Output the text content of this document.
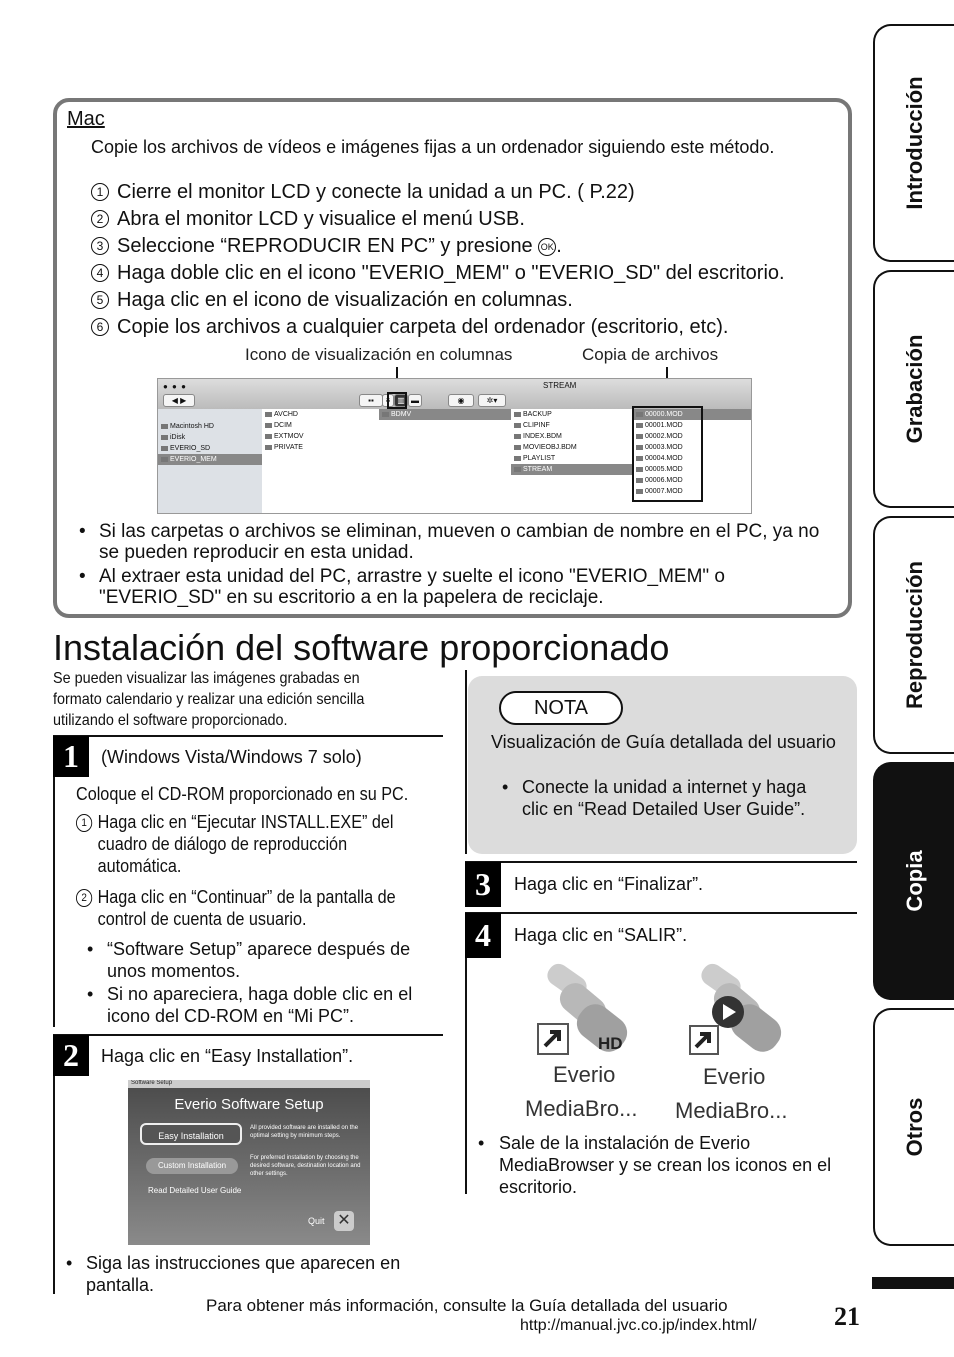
Mac
Copie los archivos de vídeos e imágenes fijas a un ordenador siguiendo este método.
1 Cierre el monitor LCD y conecte la unidad a un PC. ( P.22)
2 Abra el monitor LCD y visualice el menú USB.
3 Seleccione “REPRODUCIR EN PC” y presione OK .
4 Haga doble clic en el icono "EVERIO_MEM" o "EVERIO_SD" del escritorio.
5 Haga clic en el icono de visualización en columnas.
6 Copie los archivos a cualquier carpeta del ordenador (escritorio, etc).
Icono de visualización en columnas	Copia de archivos
● ● ●
◀ ▶	▪▪	≡ ▥ ▬	◉	✲▾
STREAM
Macintosh HD
iDisk
EVERIO_SD
EVERIO_MEM
AVCHD
DCIM
EXTMOV
PRIVATE
BDMV	BACKUP
CLIPINF
INDEX.BDM
MOVIEOBJ.BDM
PLAYLIST
STREAM
00000.MOD
00001.MOD
00002.MOD
00003.MOD
00004.MOD
00005.MOD
00006.MOD
00007.MOD
• Si las carpetas o archivos se eliminan, mueven o cambian de nombre en el PC, ya no se pueden reproducir en esta unidad.
• Al extraer esta unidad del PC, arrastre y suelte el icono "EVERIO_MEM" o "EVERIO_SD" en su escritorio a en la papelera de reciclaje.
Instalación del software proporcionado
Se pueden visualizar las imágenes grabadas en formato calendario y realizar una edición sencilla utilizando el software proporcionado.
1	(Windows Vista/Windows 7 solo)
Coloque el CD-ROM proporcionado en su PC.
1 Haga clic en “Ejecutar INSTALL.EXE” del cuadro de diálogo de reproducción automática.
2 Haga clic en “Continuar” de la pantalla de control de cuenta de usuario.
• “Software Setup” aparece después de unos momentos.
• Si no apareciera, haga doble clic en el icono del CD-ROM en “Mi PC”.
2	Haga clic en “Easy Installation”.
Software Setup
Everio Software Setup
Easy Installation
All provided software are installed on the optimal setting by minimum steps.
Custom Installation
For preferred installation by choosing the desired software, destination location and other settings.
Read Detailed User Guide
Quit ✕
• Siga las instrucciones que aparecen en pantalla.
NOTA
Visualización de Guía detallada del usuario
• Conecte la unidad a internet y haga clic en “Read Detailed User Guide”.
3	Haga clic en “Finalizar”.
4	Haga clic en “SALIR”.
HD
Everio
MediaBro...
Everio
MediaBro...
• Sale de la instalación de Everio MediaBrowser y se crean los iconos en el escritorio.
Introducción
Grabación
Reproducción
Copia
Otros
Para obtener más información, consulte la Guía detallada del usuario
http://manual.jvc.co.jp/index.html/	21
